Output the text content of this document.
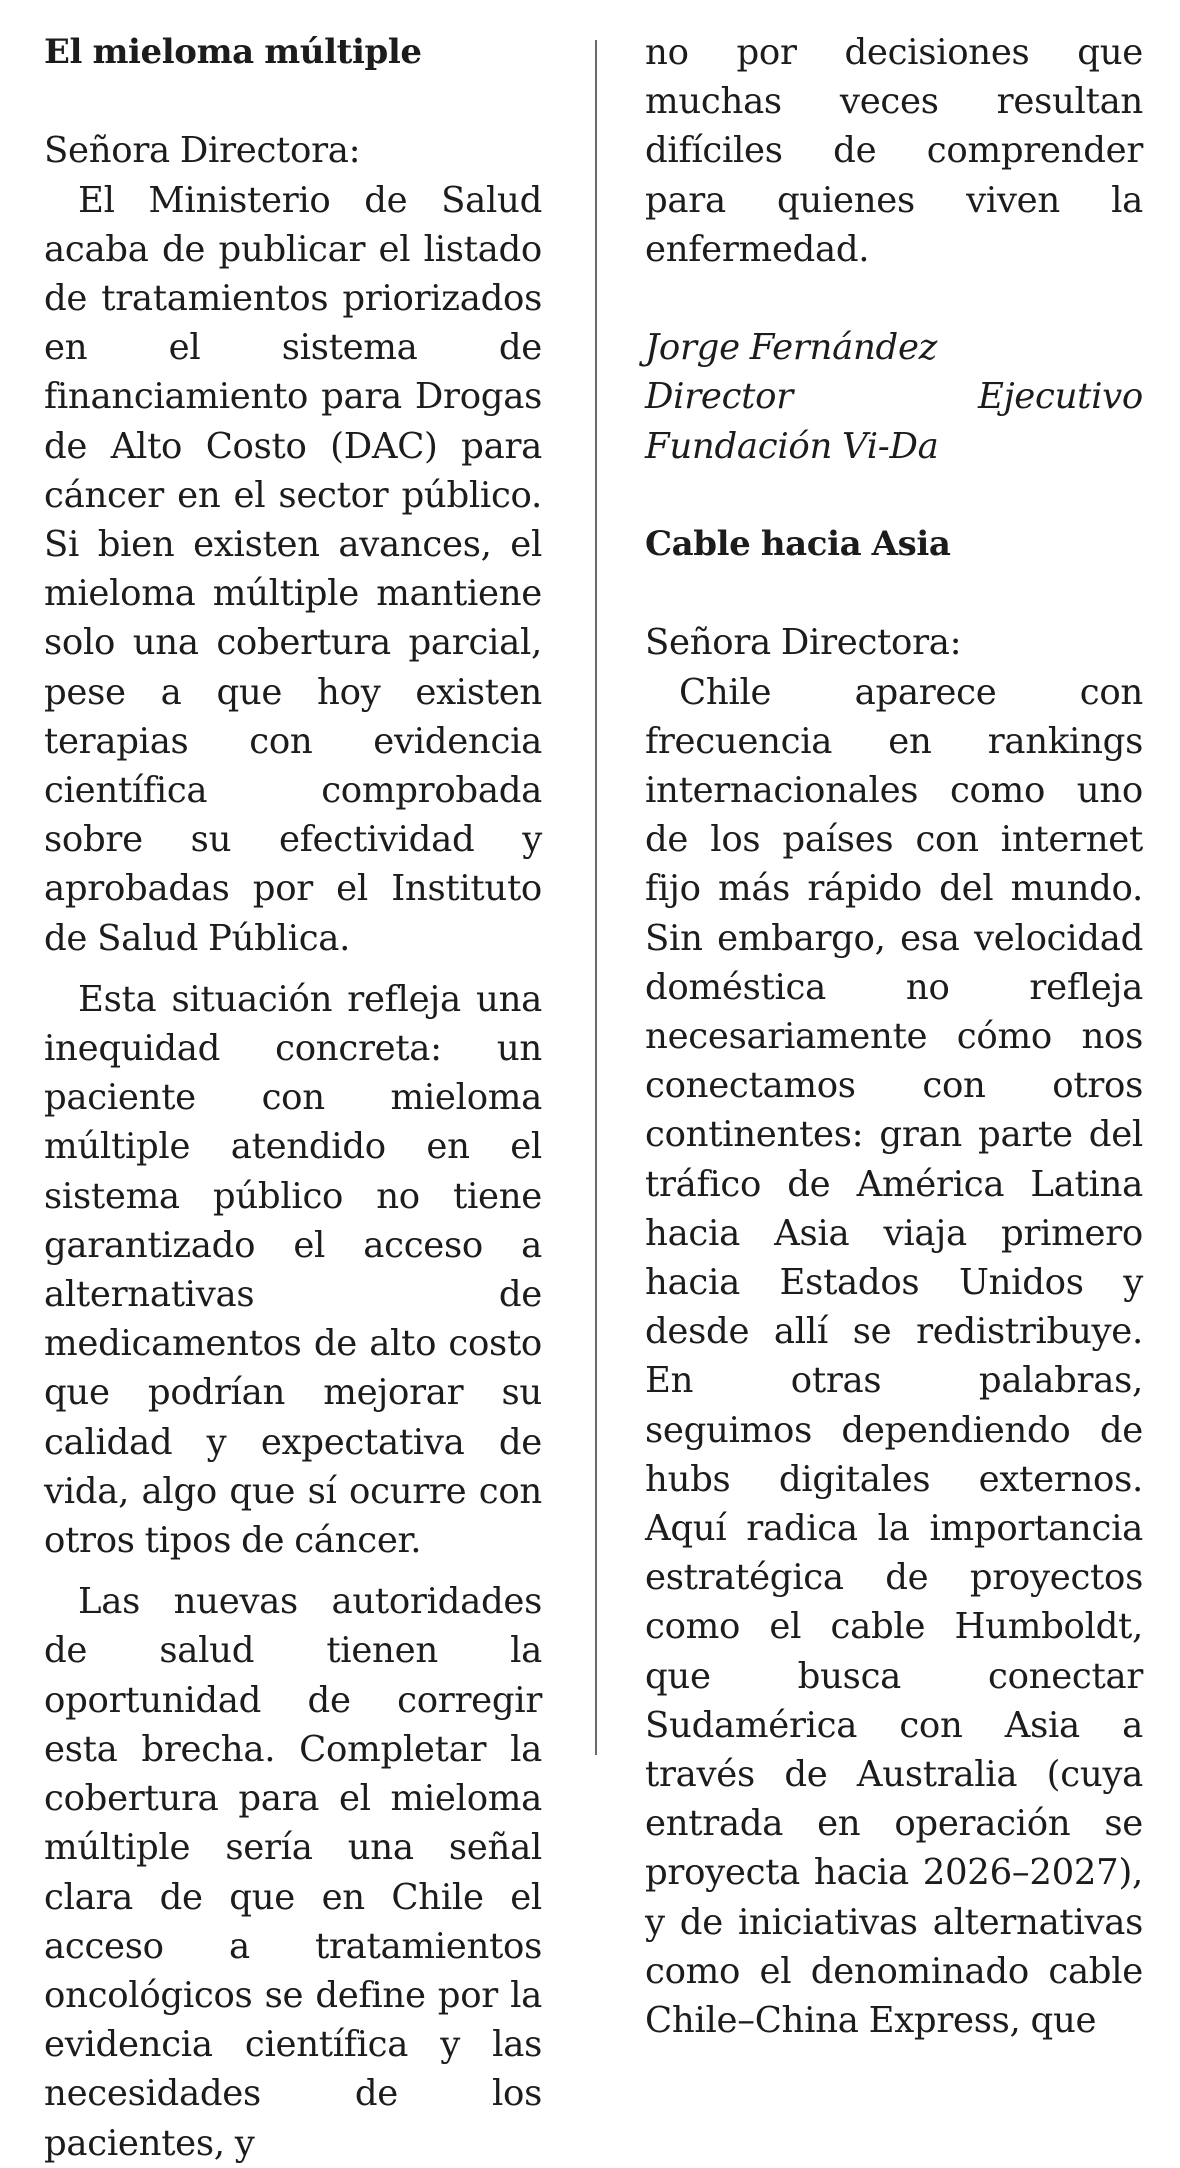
El mieloma múltiple
Señora Directora:

El Ministerio de Salud acaba de publicar el listado de tratamientos priorizados en el sistema de financiamiento para Drogas de Alto Costo (DAC) para cáncer en el sector público. Si bien existen avances, el mieloma múltiple mantiene solo una cobertura parcial, pese a que hoy existen terapias con evidencia científica comprobada sobre su efectividad y aprobadas por el Instituto de Salud Pública.

Esta situación refleja una inequidad concreta: un paciente con mieloma múltiple atendido en el sistema público no tiene garantizado el acceso a alternativas de medicamentos de alto costo que podrían mejorar su calidad y expectativa de vida, algo que sí ocurre con otros tipos de cáncer.

Las nuevas autoridades de salud tienen la oportunidad de corregir esta brecha. Completar la cobertura para el mieloma múltiple sería una señal clara de que en Chile el acceso a tratamientos oncológicos se define por la evidencia científica y las necesidades de los pacientes, y

no por decisiones que muchas veces resultan difíciles de comprender para quienes viven la enfermedad.

Jorge Fernández
Director Ejecutivo Fundación Vi-Da
Cable hacia Asia
Señora Directora:

Chile aparece con frecuencia en rankings internacionales como uno de los países con internet fijo más rápido del mundo. Sin embargo, esa velocidad doméstica no refleja necesariamente cómo nos conectamos con otros continentes: gran parte del tráfico de América Latina hacia Asia viaja primero hacia Estados Unidos y desde allí se redistribuye. En otras palabras, seguimos dependiendo de hubs digitales externos. Aquí radica la importancia estratégica de proyectos como el cable Humboldt, que busca conectar Sudamérica con Asia a través de Australia (cuya entrada en operación se proyecta hacia 2026–2027), y de iniciativas alternativas como el denominado cable Chile–China Express, que
